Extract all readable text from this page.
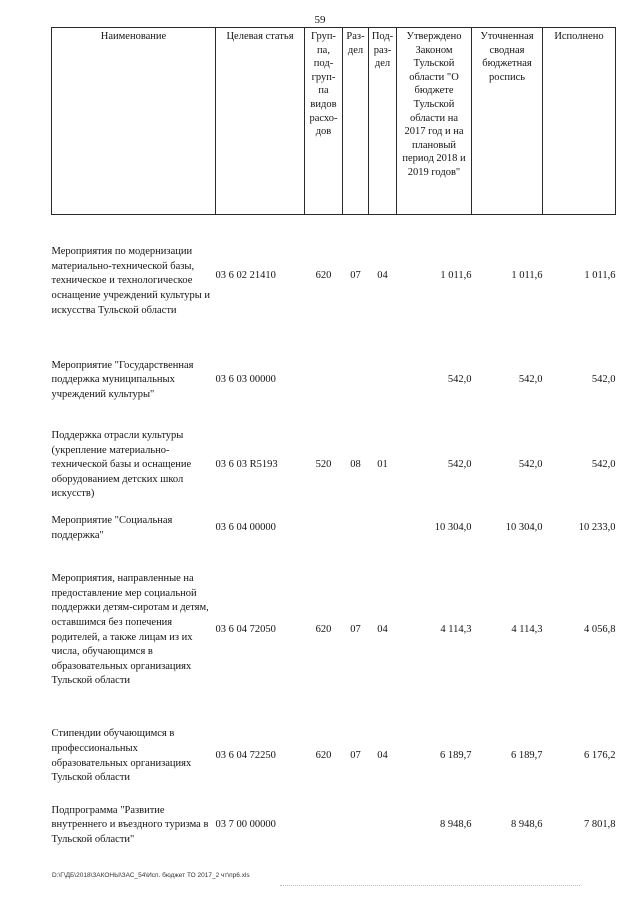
59
Наименование	Целевая статья	Груп-па, под-груп-па видов расхо-дов	Раз-дел	Под-раз-дел	Утверждено Законом Тульской области "О бюджете Тульской области на 2017 год и на плановый период 2018 и 2019 годов"	Уточненная сводная бюджетная роспись	Исполнено
Мероприятия по модернизации материально-технической базы, техническое и технологическое оснащение учреждений культуры и искусства Тульской области	03 6 02 21410	620	07	04	1 011,6	1 011,6	1 011,6
Мероприятие "Государственная поддержка муниципальных учреждений культуры"	03 6 03 00000				542,0	542,0	542,0
Поддержка отрасли культуры (укрепление материально-технической базы и оснащение оборудованием детских школ искусств)	03 6 03 R5193	520	08	01	542,0	542,0	542,0
Мероприятие "Социальная поддержка"	03 6 04 00000				10 304,0	10 304,0	10 233,0
Мероприятия, направленные на предоставление мер социальной поддержки детям-сиротам и детям, оставшимся без попечения родителей, а также лицам из их числа, обучающимся в образовательных организациях Тульской области	03 6 04 72050	620	07	04	4 114,3	4 114,3	4 056,8
Стипендии обучающимся в профессиональных образовательных организациях Тульской области	03 6 04 72250	620	07	04	6 189,7	6 189,7	6 176,2
Подпрограмма "Развитие внутреннего и въездного туризма в Тульской области"	03 7 00 00000				8 948,6	8 948,6	7 801,8
D:\Г\ДБ\2018\ЗАКОНЫ\ЗАС_54\Исп. бюджет ТО 2017_2 чт\пр6.xls
